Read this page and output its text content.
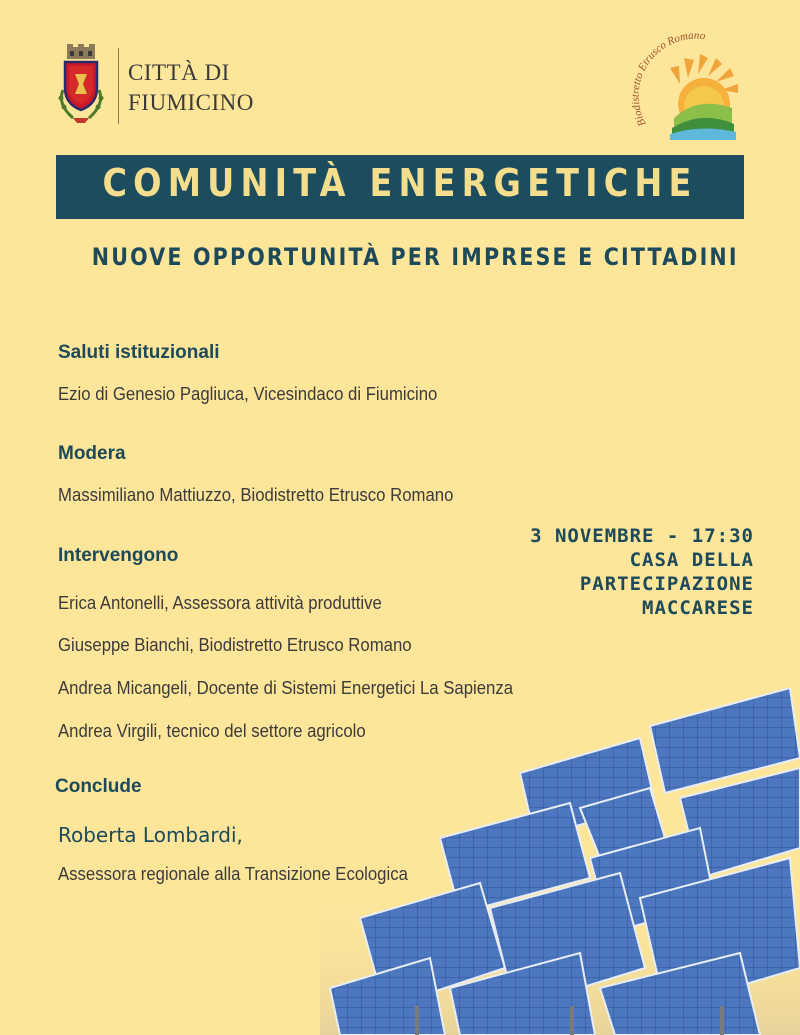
CITTÀ DI
FIUMICINO
Biodistretto Etrusco Romano
COMUNITÀ ENERGETICHE
NUOVE OPPORTUNITÀ PER IMPRESE E CITTADINI
Saluti istituzionali
Ezio di Genesio Pagliuca, Vicesindaco di Fiumicino
Modera
Massimiliano Mattiuzzo, Biodistretto Etrusco Romano
Intervengono
Erica Antonelli, Assessora attività produttive
Giuseppe Bianchi, Biodistretto Etrusco Romano
Andrea Micangeli, Docente di Sistemi Energetici La Sapienza
Andrea Virgili, tecnico del settore agricolo
Conclude
Roberta Lombardi,
Assessora regionale alla Transizione Ecologica
3 NOVEMBRE - 17:30
CASA DELLA
PARTECIPAZIONE
MACCARESE
